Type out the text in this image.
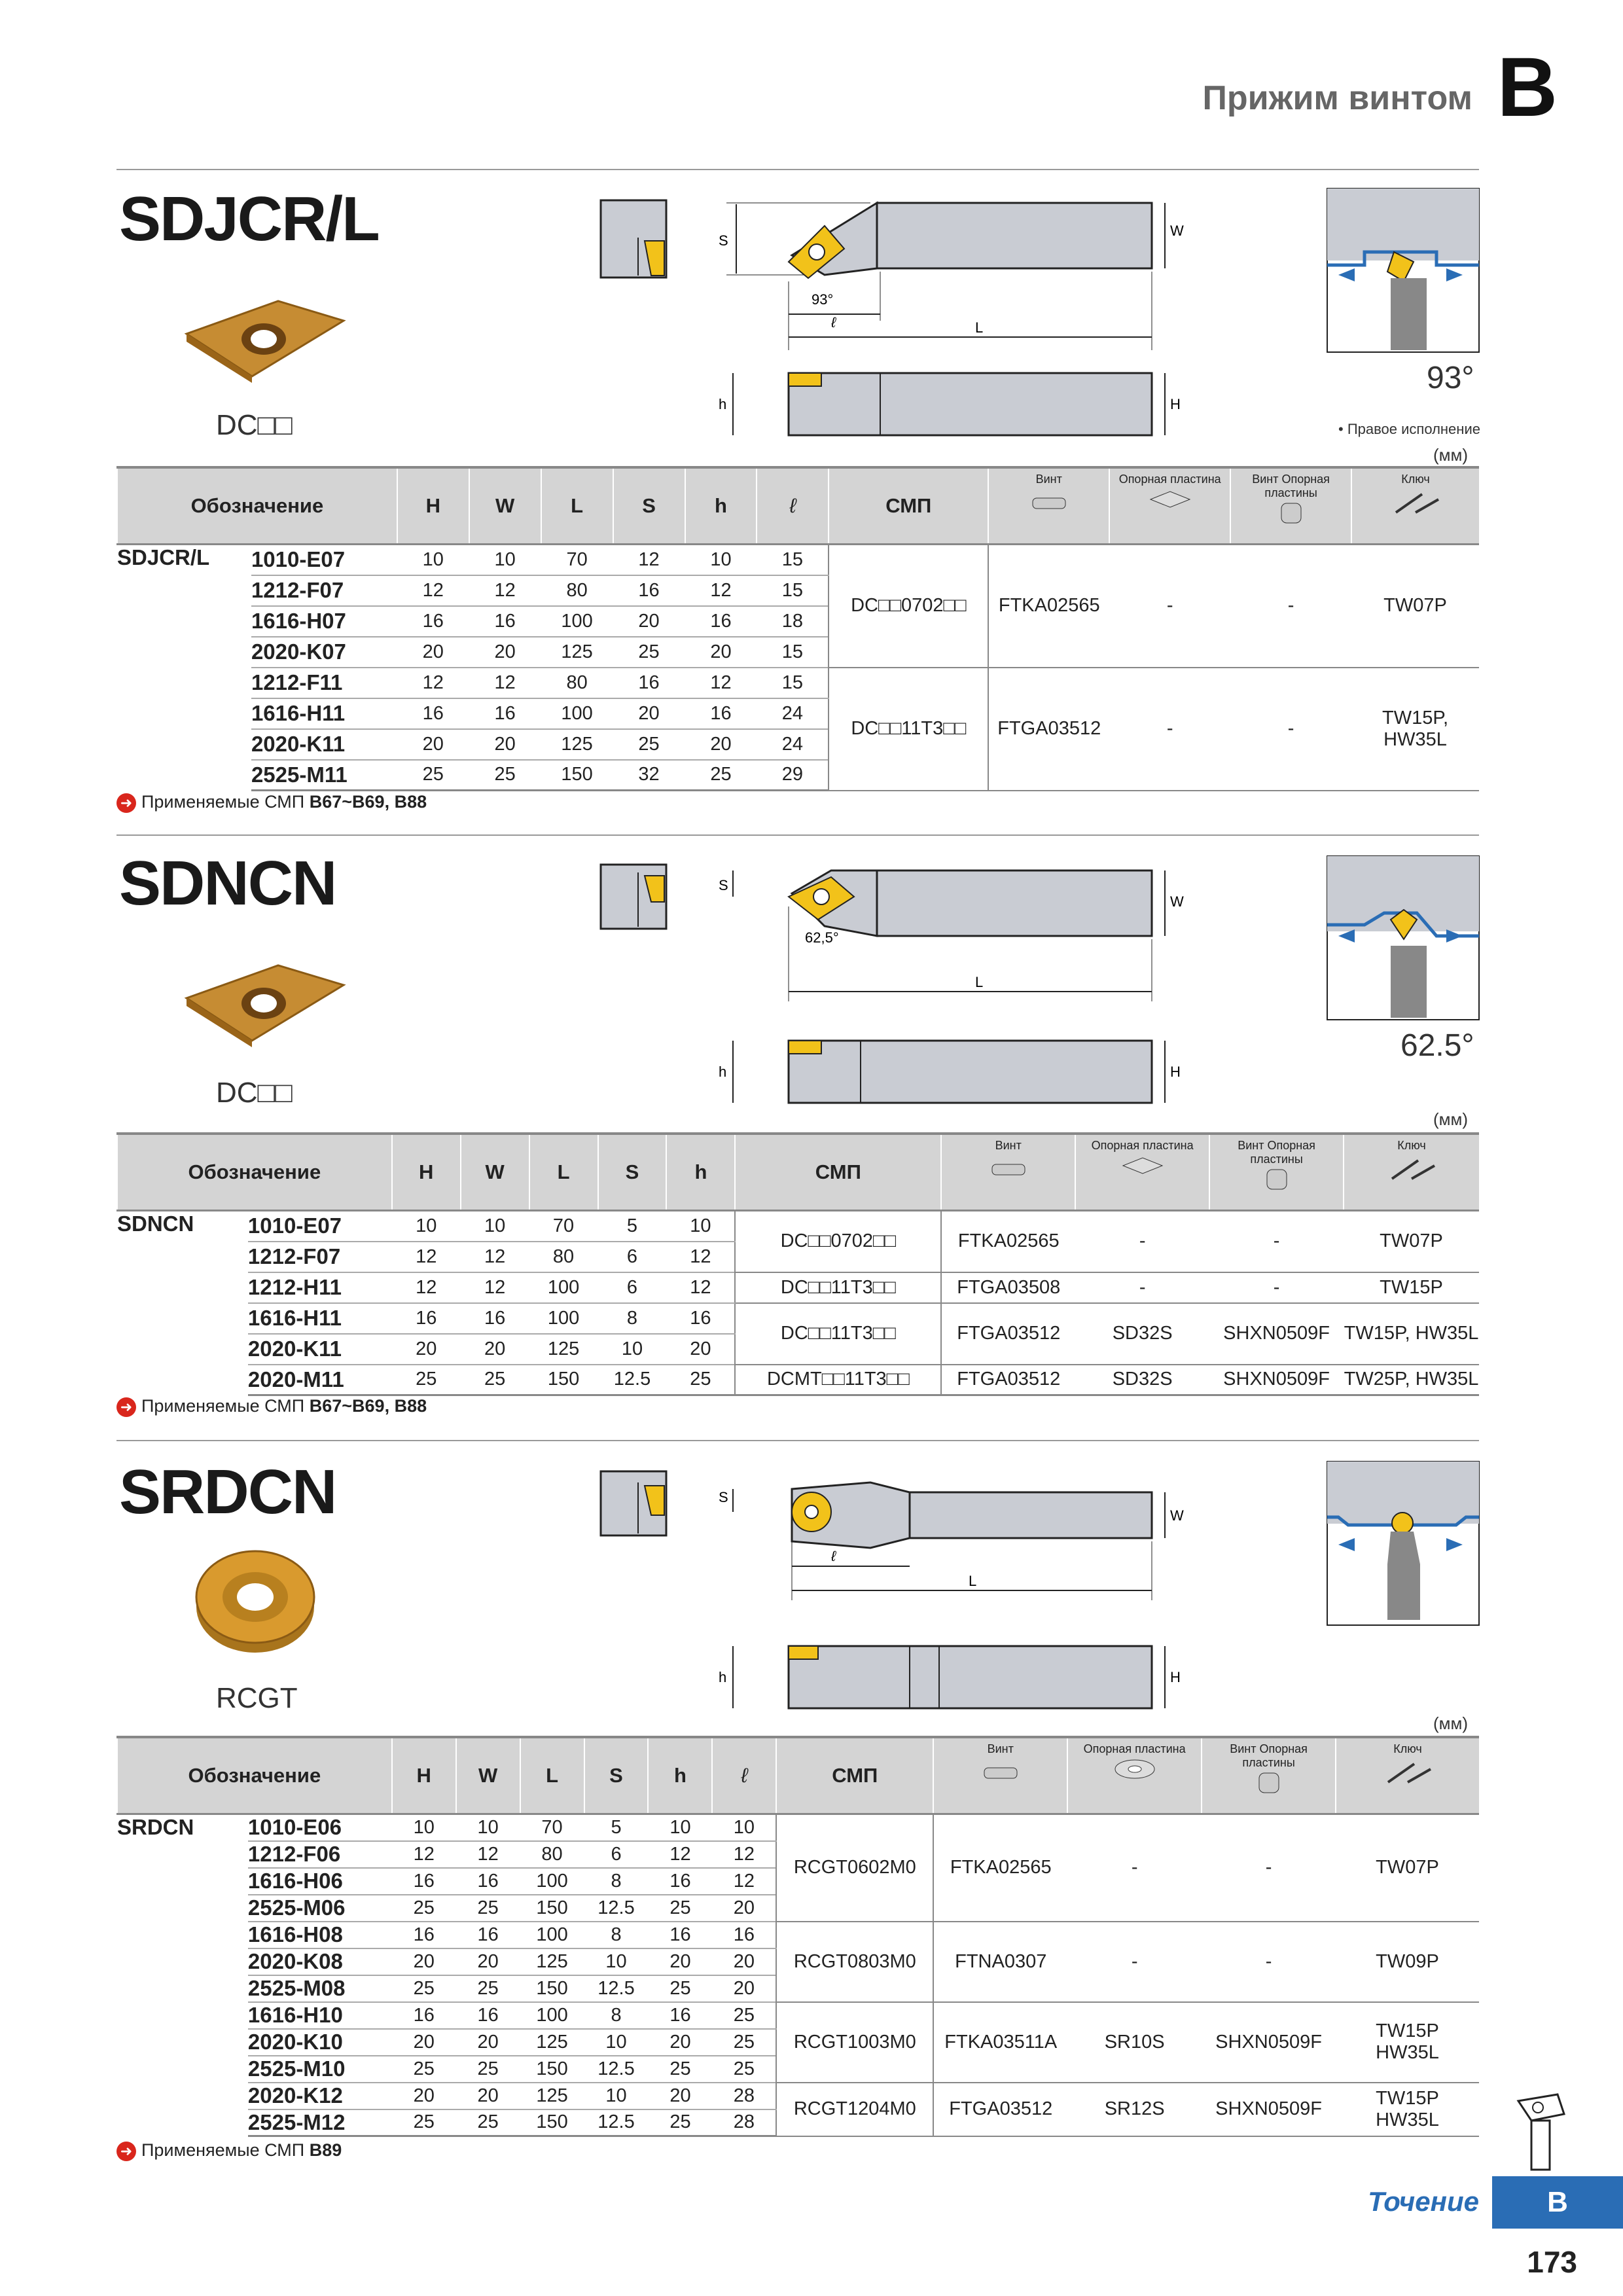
Прижим винтом B
SDJCR/L
DC□□
S
W
93°
ℓ	L
h	H
93°
• Правое исполнение
(мм)
Обозначение		H	W	L	S	h	ℓ	СМП	Винт	Опорная пластина	Винт Опорная пластины	Ключ

SDJCR/L	1010-E07	10	10	70	12	10	15	DC□□0702□□	FTKA02565	-	-	TW07P
	1212-F07	12	12	80	16	12	15					
	1616-H07	16	16	100	20	16	18					
	2020-K07	20	20	125	25	20	15					
	1212-F11	12	12	80	16	12	15	DC□□11T3□□	FTGA03512	-	-	TW15P, HW35L
	1616-H11	16	16	100	20	16	24					
	2020-K11	20	20	125	25	20	24					
	2525-M11	25	25	150	32	25	29					
➜ Применяемые СМП B67~B69, B88
SDNCN
DC□□
S
W
62,5°
L
h	H
62.5°
(мм)
Обозначение		H	W	L	S	h	СМП	Винт	Опорная пластина	Винт Опорная пластины	Ключ

SDNCN	1010-E07	10	10	70	5	10	DC□□0702□□	FTKA02565	-	-	TW07P
	1212-F07	12	12	80	6	12					
	1212-H11	12	12	100	6	12	DC□□11T3□□	FTGA03508	-	-	TW15P
	1616-H11	16	16	100	8	16	DC□□11T3□□	FTGA03512	SD32S	SHXN0509F	TW15P, HW35L
	2020-K11	20	20	125	10	20					
	2020-M11	25	25	150	12.5	25	DCMT□□11T3□□	FTGA03512	SD32S	SHXN0509F	TW25P, HW35L
➜ Применяемые СМП B67~B69, B88
SRDCN
RCGT
S
W
ℓ
L
h	H
(мм)
Обозначение		H	W	L	S	h	ℓ	СМП	Винт	Опорная пластина	Винт Опорная пластины	Ключ

SRDCN	1010-E06	10	10	70	5	10	10	RCGT0602M0	FTKA02565	-	-	TW07P
	1212-F06	12	12	80	6	12	12					
	1616-H06	16	16	100	8	16	12					
	2525-M06	25	25	150	12.5	25	20					
	1616-H08	16	16	100	8	16	16	RCGT0803M0	FTNA0307	-	-	TW09P
	2020-K08	20	20	125	10	20	20					
	2525-M08	25	25	150	12.5	25	20					
	1616-H10	16	16	100	8	16	25	RCGT1003M0	FTKA03511A	SR10S	SHXN0509F	TW15P
HW35L
	2020-K10	20	20	125	10	20	25					
	2525-M10	25	25	150	12.5	25	25					
	2020-K12	20	20	125	10	20	28	RCGT1204M0	FTGA03512	SR12S	SHXN0509F	TW15P
HW35L
	2525-M12	25	25	150	12.5	25	28					
➜ Применяемые СМП B89
Точение	B
173
